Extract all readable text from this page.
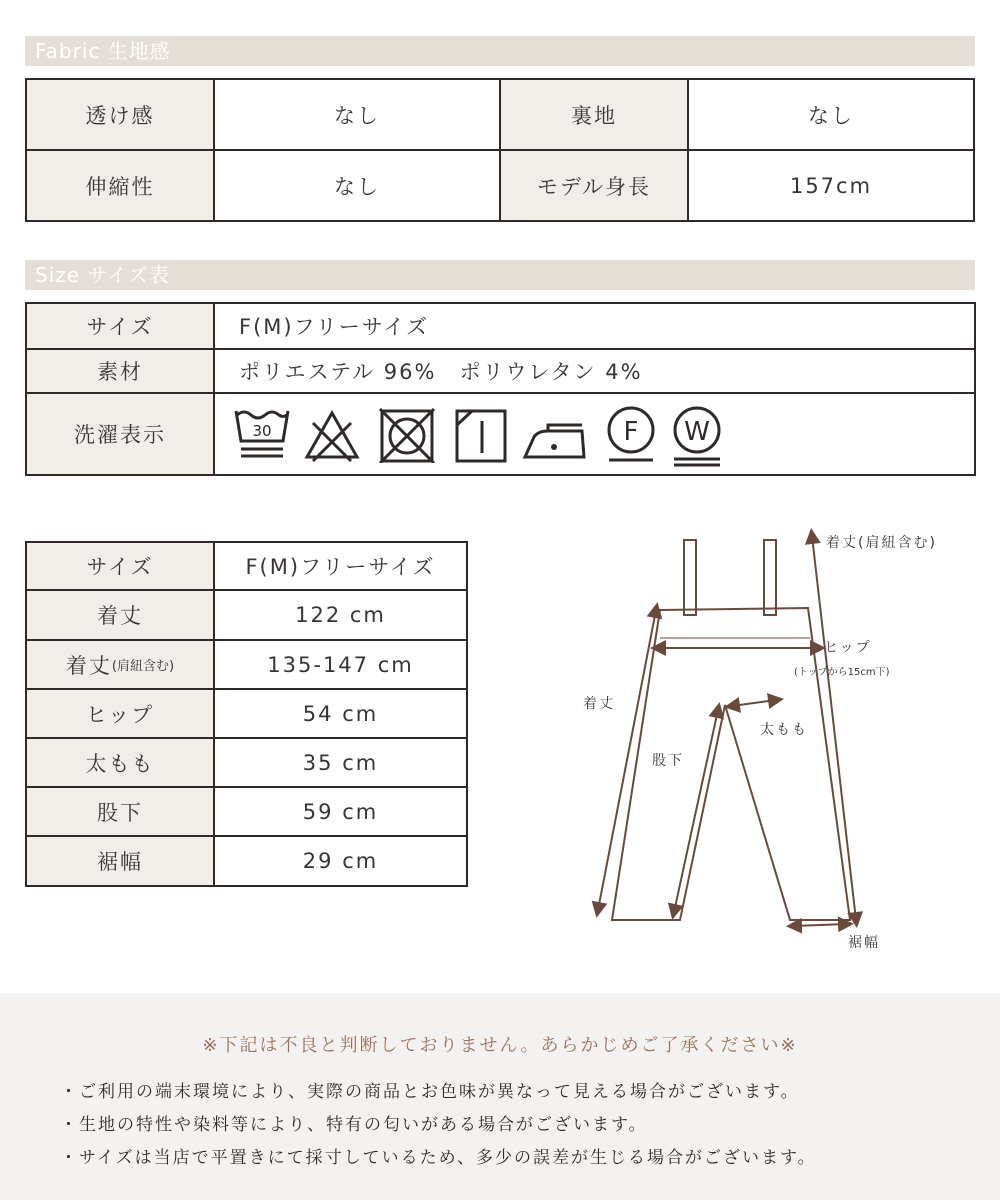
Fabric 生地感
透け感	なし	裏地	なし
伸縮性	なし	モデル身長	157cm
Size サイズ表
サイズ	F(M)フリーサイズ
素材	ポリエステル 96%　ポリウレタン 4%
洗濯表示	30	F W
サイズ	F(M)フリーサイズ
着丈	122 cm
着丈 (肩紐含む)	135-147 cm
ヒップ	54 cm
太もも	35 cm
股下	59 cm
裾幅	29 cm
着丈(肩紐含む)
ヒップ
(トップから15cm下)
着丈
太もも
股下
裾幅
※下記は不良と判断しておりません。あらかじめご了承ください※
・ご利用の端末環境により、実際の商品とお色味が異なって見える場合がございます。
・生地の特性や染料等により、特有の匂いがある場合がございます。
・サイズは当店で平置きにて採寸しているため、多少の誤差が生じる場合がございます。
